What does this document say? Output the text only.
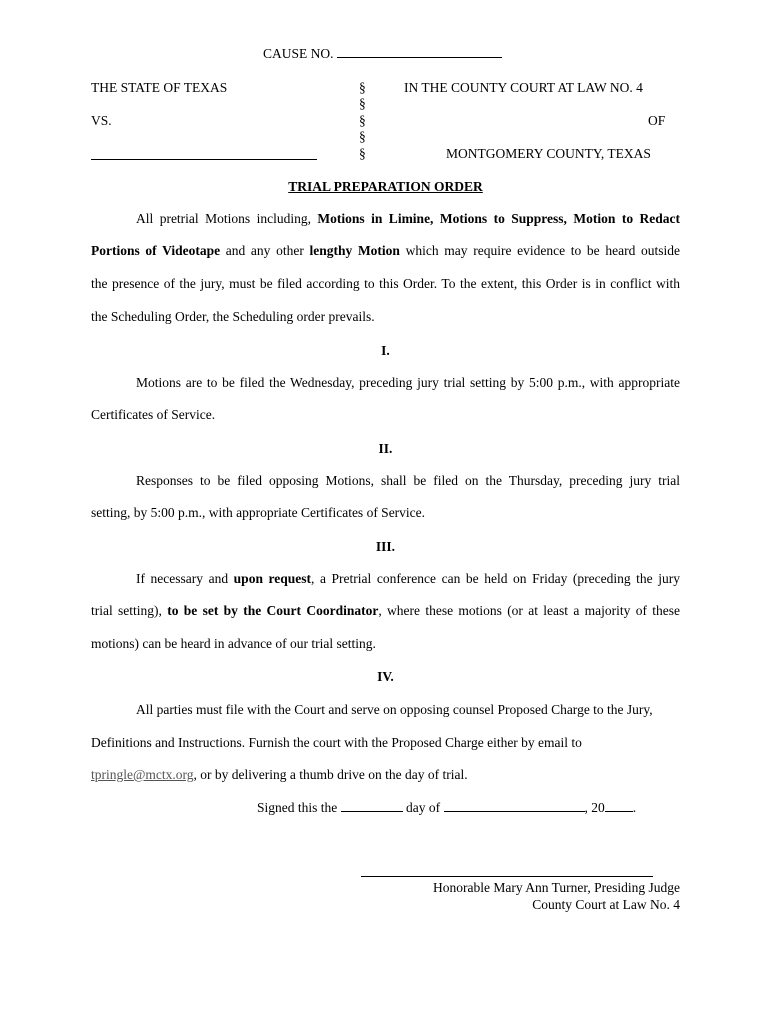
CAUSE NO.
THE STATE OF TEXAS
VS.
§
§
§
§
§
IN THE COUNTY COURT AT LAW NO. 4
OF
MONTGOMERY COUNTY, TEXAS
TRIAL PREPARATION ORDER
All pretrial Motions including, Motions in Limine, Motions to Suppress, Motion to Redact
Portions of Videotape and any other lengthy Motion which may require evidence to be heard outside
the presence of the jury, must be filed according to this Order. To the extent, this Order is in conflict with
the Scheduling Order, the Scheduling order prevails.
I.
Motions are to be filed the Wednesday, preceding jury trial setting by 5:00 p.m., with appropriate
Certificates of Service.
II.
Responses to be filed opposing Motions, shall be filed on the Thursday, preceding jury trial
setting, by 5:00 p.m., with appropriate Certificates of Service.
III.
If necessary and upon request, a Pretrial conference can be held on Friday (preceding the jury
trial setting), to be set by the Court Coordinator, where these motions (or at least a majority of these
motions) can be heard in advance of our trial setting.
IV.
All parties must file with the Court and serve on opposing counsel Proposed Charge to the Jury,
Definitions and Instructions. Furnish the court with the Proposed Charge either by email to
tpringle@mctx.org, or by delivering a thumb drive on the day of trial.
Signed this the	day of	, 20 .
Honorable Mary Ann Turner, Presiding Judge
County Court at Law No. 4
